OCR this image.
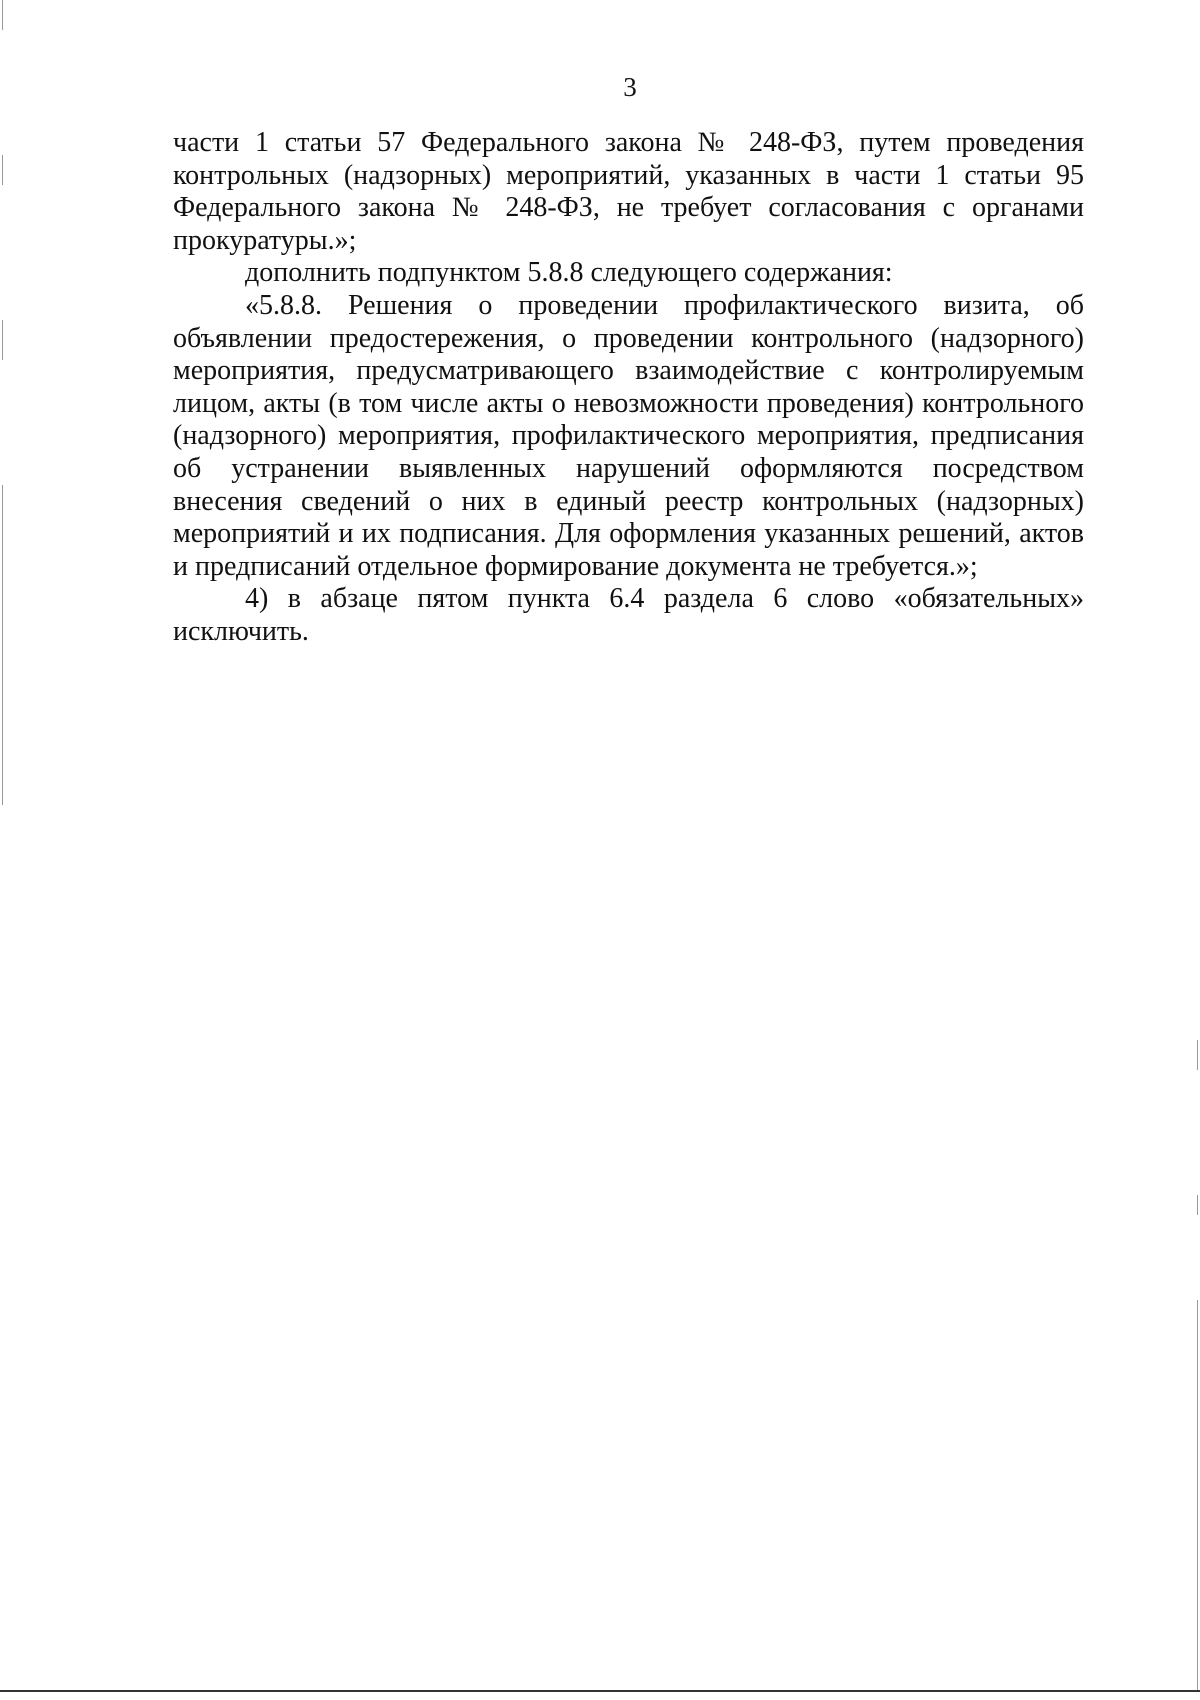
3

части 1 статьи 57 Федерального закона № 248-ФЗ, путем проведения контрольных (надзорных) мероприятий, указанных в части 1 статьи 95 Федерального закона № 248-ФЗ, не требует согласования с органами прокуратуры.»;

дополнить подпунктом 5.8.8 следующего содержания:

«5.8.8. Решения о проведении профилактического визита, об объявлении предостережения, о проведении контрольного (надзорного) мероприятия, предусматривающего взаимодействие с контролируемым лицом, акты (в том числе акты о невозможности проведения) контрольного (надзорного) мероприятия, профилактического мероприятия, предписания об устранении выявленных нарушений оформляются посредством внесения сведений о них в единый реестр контрольных (надзорных) мероприятий и их подписания. Для оформления указанных решений, актов и предписаний отдельное формирование документа не требуется.»;

4) в абзаце пятом пункта 6.4 раздела 6 слово «обязательных» исключить.
